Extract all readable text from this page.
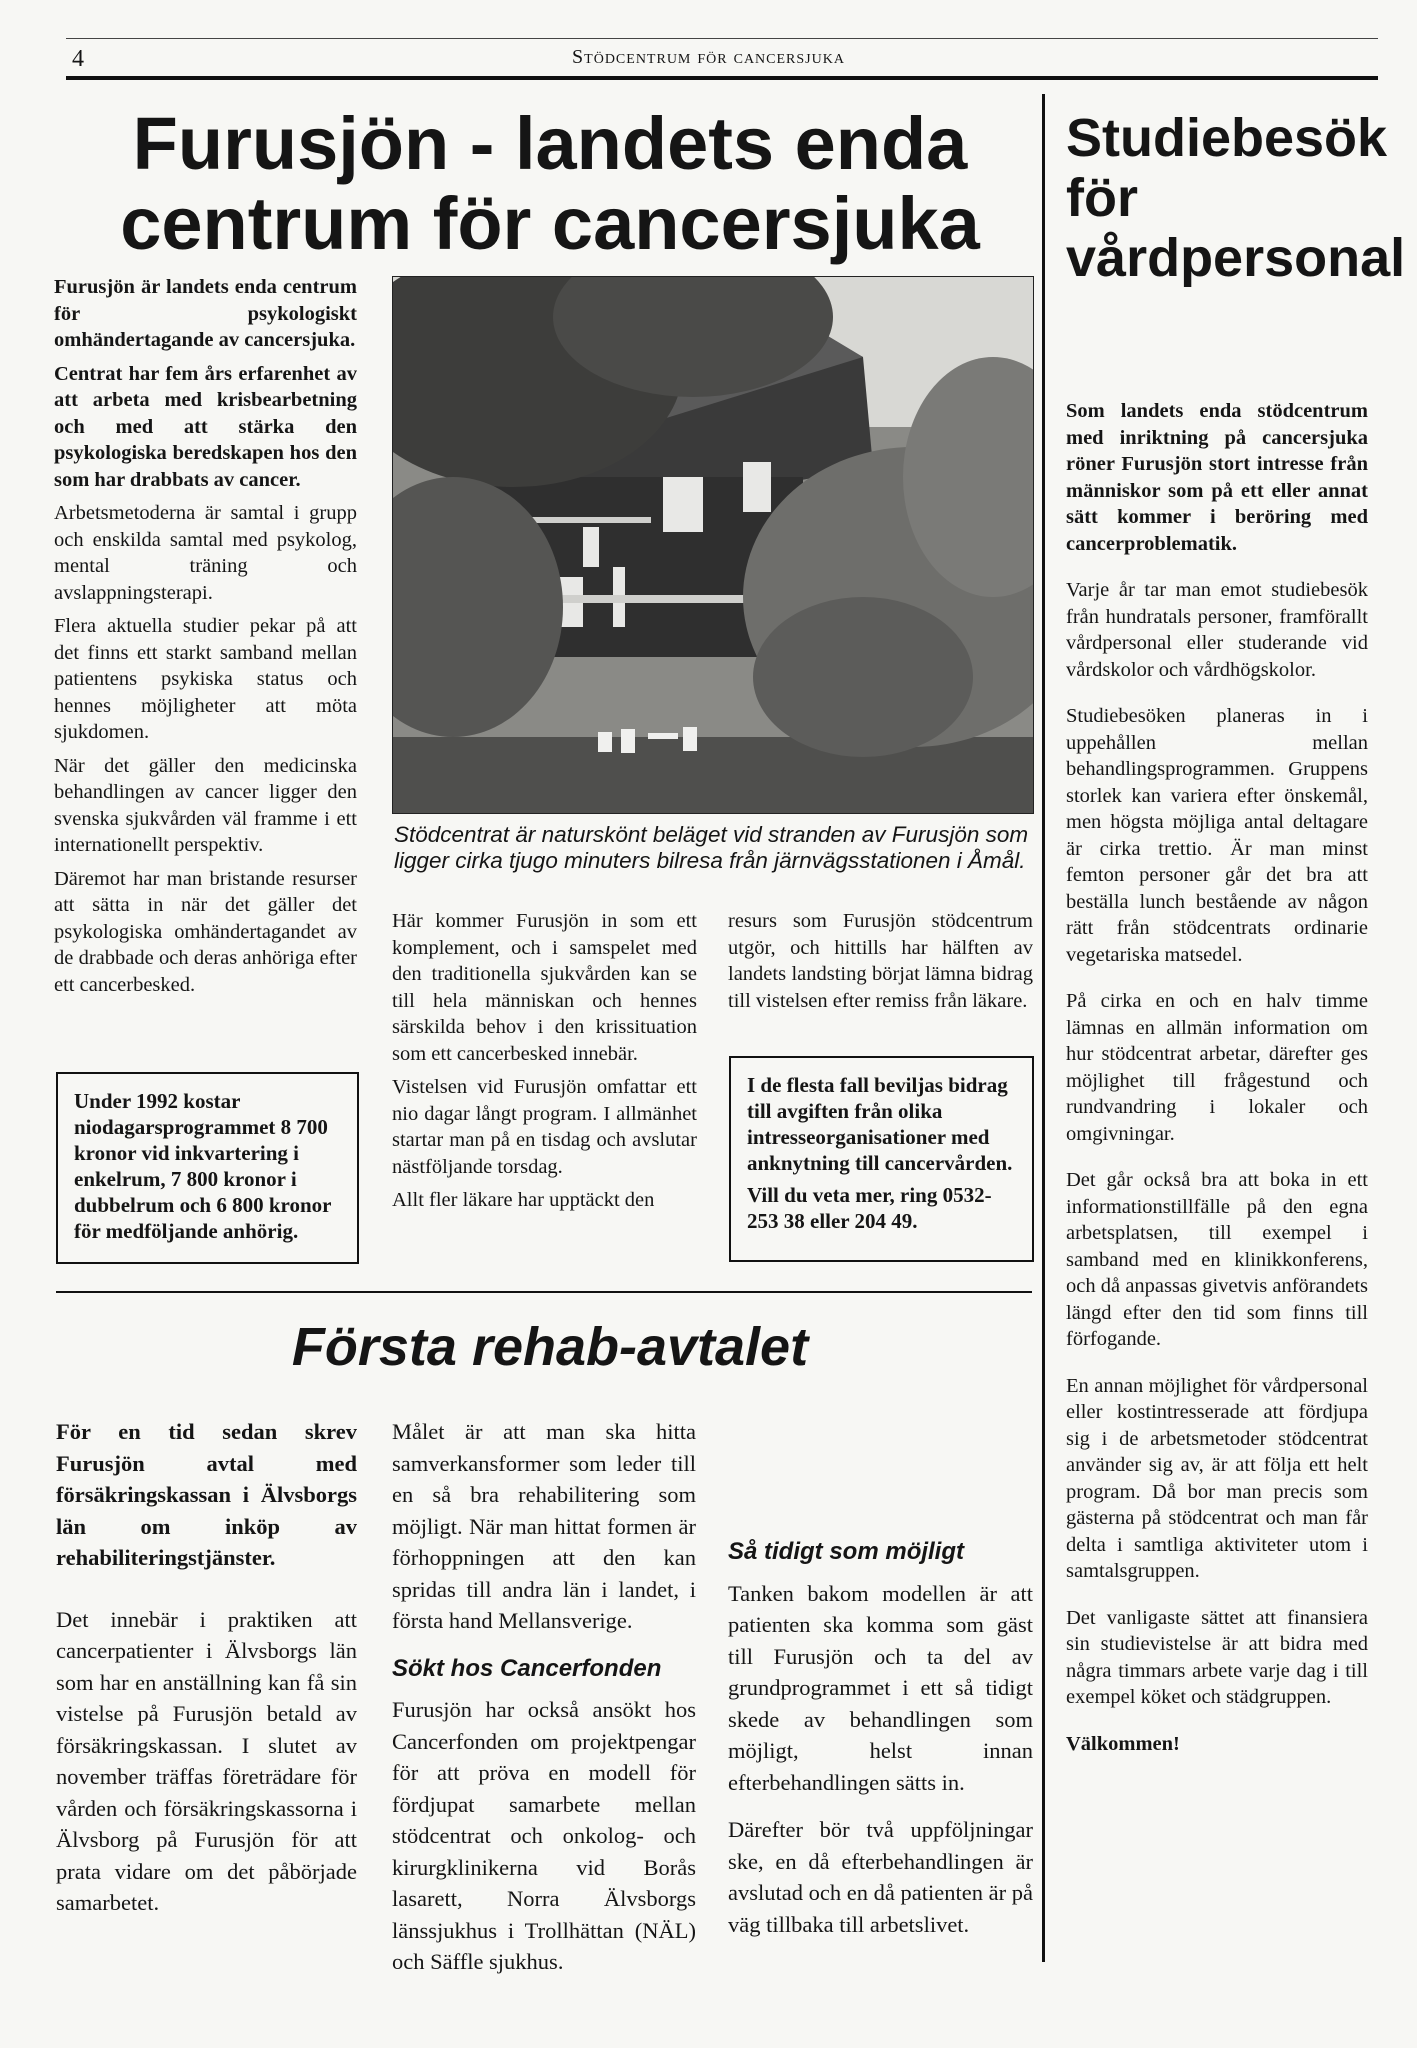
4	Stödcentrum för cancersjuka
Furusjön - landets enda centrum för cancersjuka

Furusjön är landets enda centrum för psykologiskt omhändertagande av cancersjuka.

Centrat har fem års erfarenhet av att arbeta med krisbearbetning och med att stärka den psykologiska beredskapen hos den som har drabbats av cancer.

Arbetsmetoderna är samtal i grupp och enskilda samtal med psykolog, mental träning och avslappningsterapi.

Flera aktuella studier pekar på att det finns ett starkt samband mellan patientens psykiska status och hennes möjligheter att möta sjukdomen.

När det gäller den medicinska behandlingen av cancer ligger den svenska sjukvården väl framme i ett internationellt perspektiv.

Däremot har man bristande resurser att sätta in när det gäller det psykologiska omhändertagandet av de drabbade och deras anhöriga efter ett cancerbesked.

Under 1992 kostar niodagarsprogrammet 8 700 kronor vid inkvartering i enkelrum, 7 800 kronor i dubbelrum och 6 800 kronor för medföljande anhörig.

Stödcentrat är naturskönt beläget vid stranden av Furusjön som ligger cirka tjugo minuters bilresa från järnvägsstationen i Åmål.

Här kommer Furusjön in som ett komplement, och i samspelet med den traditionella sjukvården kan se till hela människan och hennes särskilda behov i den krissituation som ett cancerbesked innebär.

Vistelsen vid Furusjön omfattar ett nio dagar långt program. I allmänhet startar man på en tisdag och avslutar nästföljande torsdag.

Allt fler läkare har upptäckt den

resurs som Furusjön stödcentrum utgör, och hittills har hälften av landets landsting börjat lämna bidrag till vistelsen efter remiss från läkare.

I de flesta fall beviljas bidrag till avgiften från olika intresseorganisationer med anknytning till cancervården.

Vill du veta mer, ring 0532-253 38 eller 204 49.

Studiebesök för vårdpersonal

Som landets enda stödcentrum med inriktning på cancersjuka röner Furusjön stort intresse från människor som på ett eller annat sätt kommer i beröring med cancerproblematik.

Varje år tar man emot studiebesök från hundratals personer, framförallt vårdpersonal eller studerande vid vårdskolor och vårdhögskolor.

Studiebesöken planeras in i uppehållen mellan behandlingsprogrammen. Gruppens storlek kan variera efter önskemål, men högsta möjliga antal deltagare är cirka trettio. Är man minst femton personer går det bra att beställa lunch bestående av någon rätt från stödcentrats ordinarie vegetariska matsedel.

På cirka en och en halv timme lämnas en allmän information om hur stödcentrat arbetar, därefter ges möjlighet till frågestund och rundvandring i lokaler och omgivningar.

Det går också bra att boka in ett informationstillfälle på den egna arbetsplatsen, till exempel i samband med en klinikkonferens, och då anpassas givetvis anförandets längd efter den tid som finns till förfogande.

En annan möjlighet för vårdpersonal eller kostintresserade att fördjupa sig i de arbetsmetoder stödcentrat använder sig av, är att följa ett helt program. Då bor man precis som gästerna på stödcentrat och man får delta i samtliga aktiviteter utom i samtalsgruppen.

Det vanligaste sättet att finansiera sin studievistelse är att bidra med några timmars arbete varje dag i till exempel köket och städgruppen.

Välkommen!

Första rehab-avtalet

För en tid sedan skrev Furusjön avtal med försäkringskassan i Älvsborgs län om inköp av rehabiliteringstjänster.

Det innebär i praktiken att cancerpatienter i Älvsborgs län som har en anställning kan få sin vistelse på Furusjön betald av försäkringskassan. I slutet av november träffas företrädare för vården och försäkringskassorna i Älvsborg på Furusjön för att prata vidare om det påbörjade samarbetet.

Målet är att man ska hitta samverkansformer som leder till en så bra rehabilitering som möjligt. När man hittat formen är förhoppningen att den kan spridas till andra län i landet, i första hand Mellansverige.

Sökt hos Cancerfonden

Furusjön har också ansökt hos Cancerfonden om projektpengar för att pröva en modell för fördjupat samarbete mellan stödcentrat och onkolog- och kirurgklinikerna vid Borås lasarett, Norra Älvsborgs länssjukhus i Trollhättan (NÄL) och Säffle sjukhus.

Så tidigt som möjligt

Tanken bakom modellen är att patienten ska komma som gäst till Furusjön och ta del av grundprogrammet i ett så tidigt skede av behandlingen som möjligt, helst innan efterbehandlingen sätts in.

Därefter bör två uppföljningar ske, en då efterbehandlingen är avslutad och en då patienten är på väg tillbaka till arbetslivet.
